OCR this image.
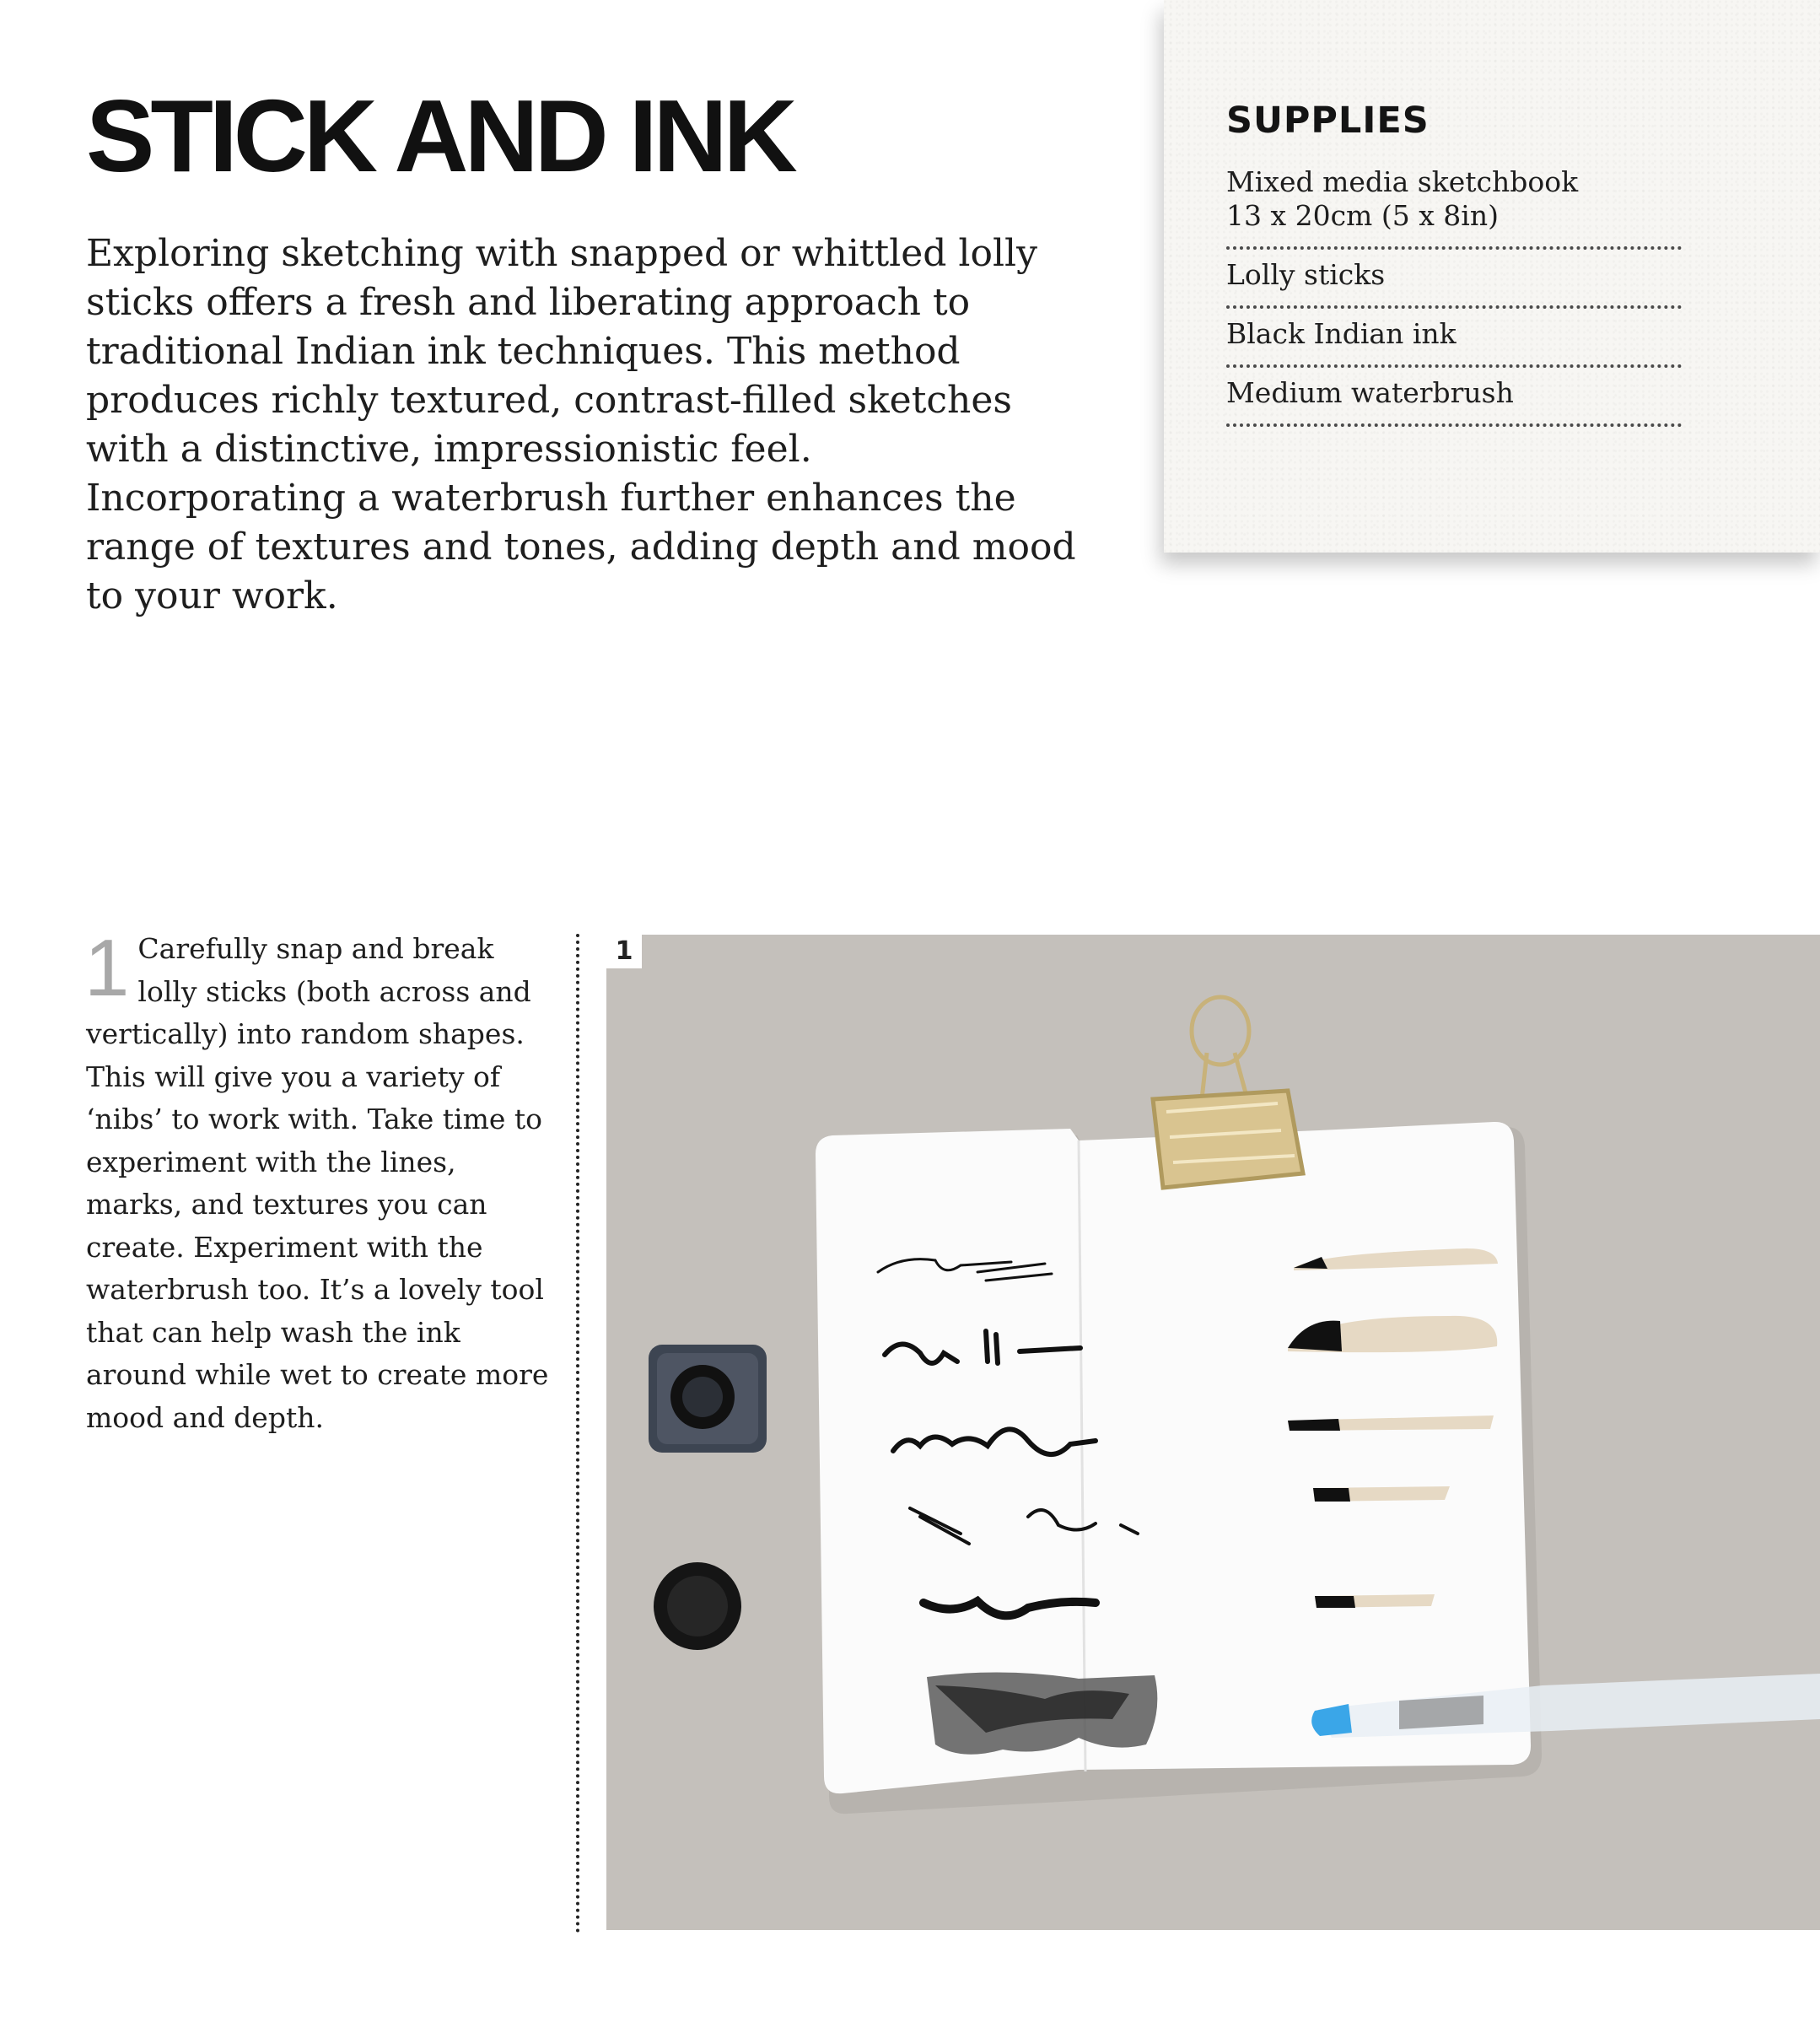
STICK AND INK

Exploring sketching with snapped or whittled lolly sticks offers a fresh and liberating approach to traditional Indian ink techniques. This method produces richly textured, contrast-filled sketches with a distinctive, impressionistic feel. Incorporating a waterbrush further enhances the range of textures and tones, adding depth and mood to your work.

SUPPLIES
Mixed media sketchbook
13 x 20cm (5 x 8in)
Lolly sticks
Black Indian ink
Medium waterbrush
1 Carefully snap and break lolly sticks (both across and vertically) into random shapes. This will give you a variety of ‘nibs’ to work with. Take time to experiment with the lines, marks, and textures you can create. Experiment with the waterbrush too. It’s a lovely tool that can help wash the ink around while wet to create more mood and depth.
1
